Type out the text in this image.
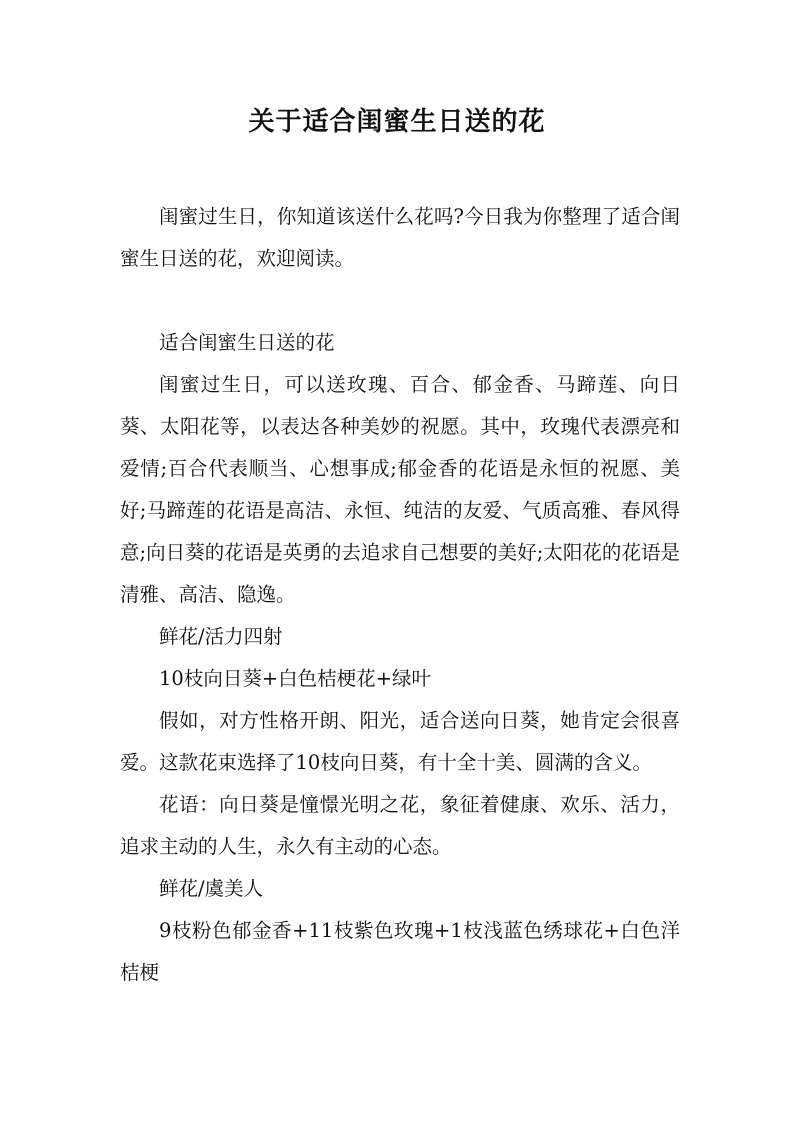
关于适合闺蜜生日送的花

闺蜜过生日，你知道该送什么花吗?今日我为你整理了适合闺蜜生日送的花，欢迎阅读。

适合闺蜜生日送的花

闺蜜过生日，可以送玫瑰、百合、郁金香、马蹄莲、向日葵、太阳花等，以表达各种美妙的祝愿。其中，玫瑰代表漂亮和爱情;百合代表顺当、心想事成;郁金香的花语是永恒的祝愿、美好;马蹄莲的花语是高洁、永恒、纯洁的友爱、气质高雅、春风得意;向日葵的花语是英勇的去追求自己想要的美好;太阳花的花语是清雅、高洁、隐逸。

鲜花/活力四射

10枝向日葵+白色桔梗花+绿叶

假如，对方性格开朗、阳光，适合送向日葵，她肯定会很喜爱。这款花束选择了10枝向日葵，有十全十美、圆满的含义。

花语：向日葵是憧憬光明之花，象征着健康、欢乐、活力，追求主动的人生，永久有主动的心态。

鲜花/虞美人

9枝粉色郁金香+11枝紫色玫瑰+1枝浅蓝色绣球花+白色洋桔梗
